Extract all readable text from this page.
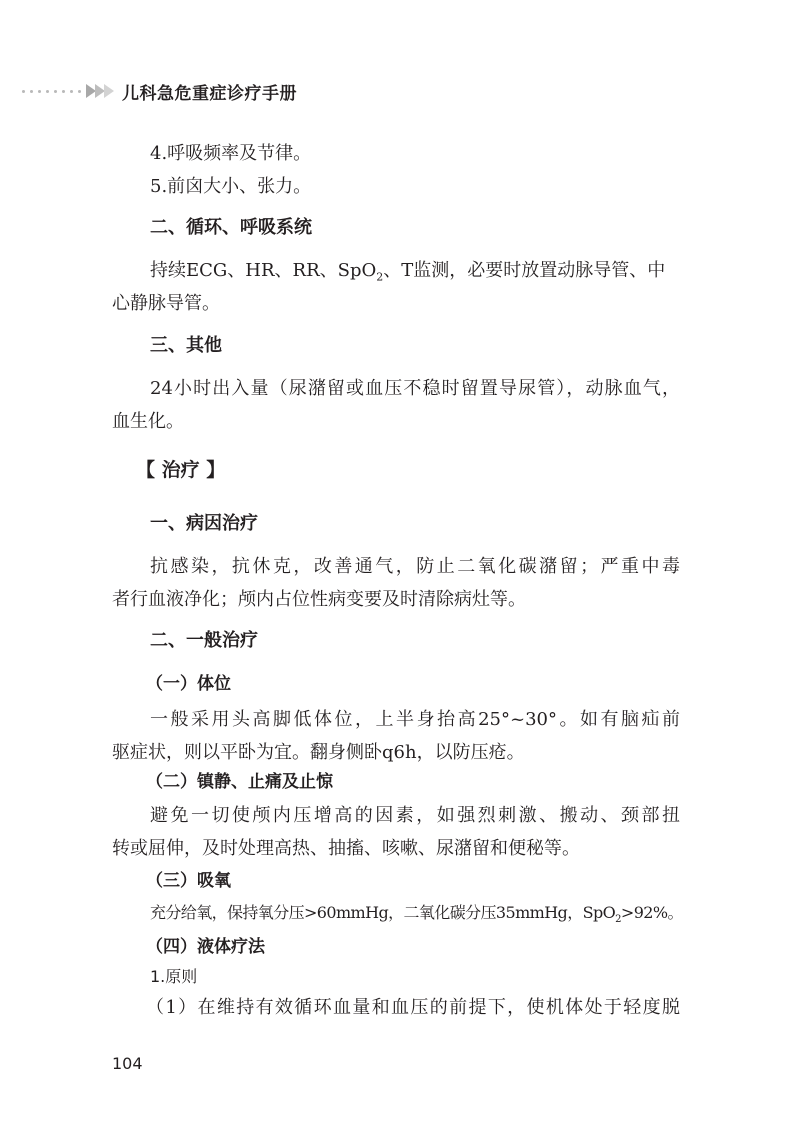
儿科急危重症诊疗手册
4.呼吸频率及节律。
5.前囟大小、张力。
二、循环、呼吸系统
持续ECG、HR、RR、SpO$_2$、T监测，必要时放置动脉导管、中
心静脉导管。
三、其他
24小时出入量（尿潴留或血压不稳时留置导尿管），动脉血气，
血生化。
【 治疗 】
一、病因治疗
抗感染，抗休克，改善通气，防止二氧化碳潴留；严重中毒
者行血液净化；颅内占位性病变要及时清除病灶等。
二、一般治疗
（一）体位
一般采用头高脚低体位，上半身抬高25°~30°。如有脑疝前
驱症状，则以平卧为宜。翻身侧卧q6h，以防压疮。
（二）镇静、止痛及止惊
避免一切使颅内压增高的因素，如强烈刺激、搬动、颈部扭
转或屈伸，及时处理高热、抽搐、咳嗽、尿潴留和便秘等。
（三）吸氧
充分给氧，保持氧分压>60mmHg，二氧化碳分压35mmHg，SpO$_2$>92%。
（四）液体疗法
1.原则
（1）在维持有效循环血量和血压的前提下，使机体处于轻度脱
104
